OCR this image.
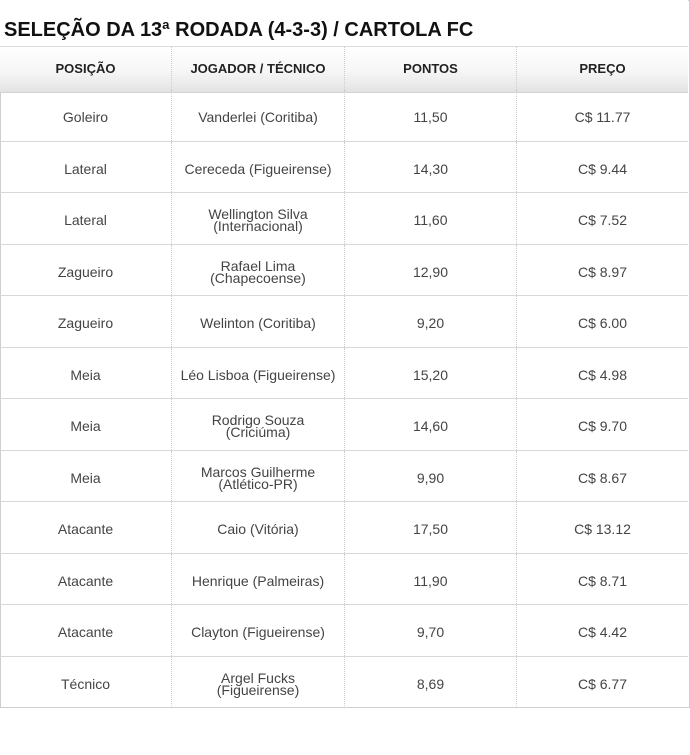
SELEÇÃO DA 13ª RODADA (4-3-3) / CARTOLA FC
POSIÇÃO	JOGADOR / TÉCNICO	PONTOS	PREÇO
Goleiro	Vanderlei (Coritiba)	11,50	C$ 11.77
Lateral	Cereceda (Figueirense)	14,30	C$ 9.44
Lateral	Wellington Silva (Internacional)	11,60	C$ 7.52
Zagueiro	Rafael Lima (Chapecoense)	12,90	C$ 8.97
Zagueiro	Welinton (Coritiba)	9,20	C$ 6.00
Meia	Léo Lisboa (Figueirense)	15,20	C$ 4.98
Meia	Rodrigo Souza (Criciúma)	14,60	C$ 9.70
Meia	Marcos Guilherme (Atlético-PR)	9,90	C$ 8.67
Atacante	Caio (Vitória)	17,50	C$ 13.12
Atacante	Henrique (Palmeiras)	11,90	C$ 8.71
Atacante	Clayton (Figueirense)	9,70	C$ 4.42
Técnico	Argel Fucks (Figueirense)	8,69	C$ 6.77
